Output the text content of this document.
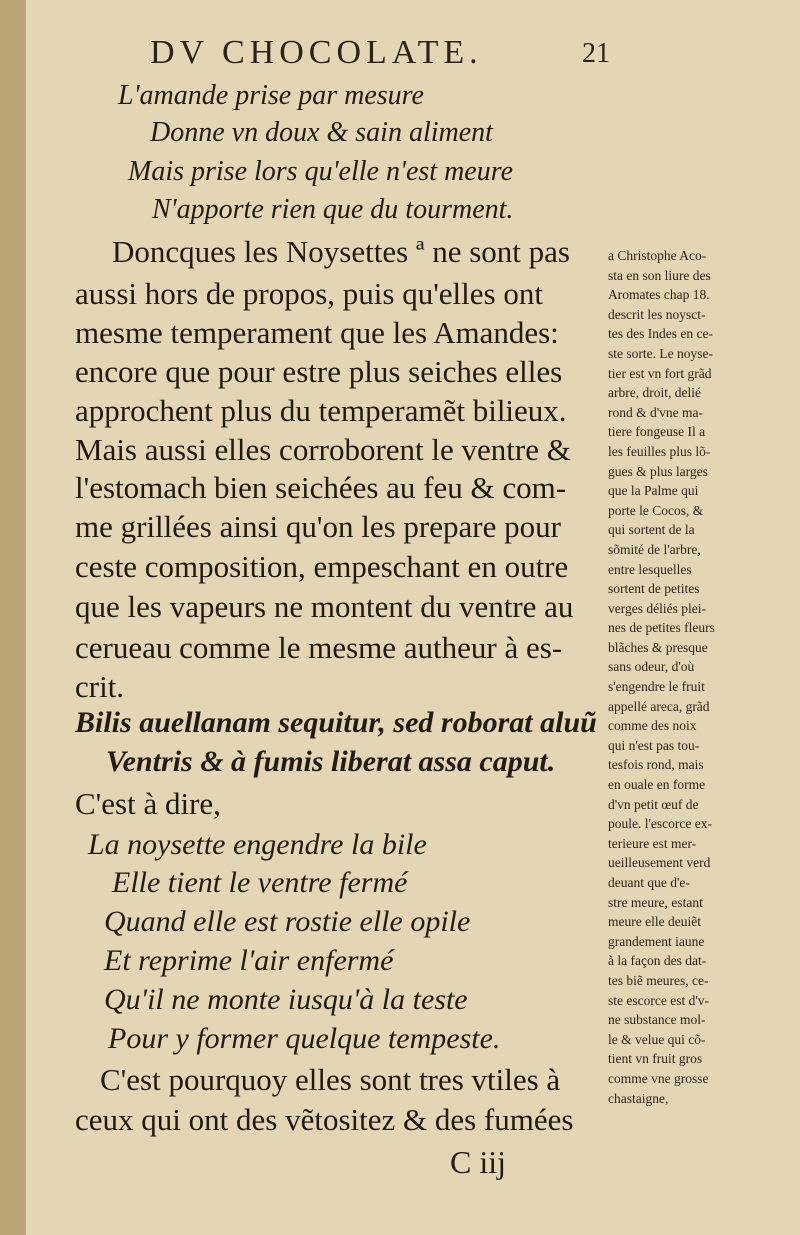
DV CHOCOLATE.	21
L'amande prise par mesure
Donne vn doux & sain aliment
Mais prise lors qu'elle n'est meure
N'apporte rien que du tourment.
Doncques les Noysettes ª ne sont pas
aussi hors de propos, puis qu'elles ont
mesme temperament que les Amandes:
encore que pour estre plus seiches elles
approchent plus du temperamẽt bilieux.
Mais aussi elles corroborent le ventre &
l'estomach bien seichées au feu & com-
me grillées ainsi qu'on les prepare pour
ceste composition, empeschant en outre
que les vapeurs ne montent du ventre au
cerueau comme le mesme autheur à es-
crit.
Bilis auellanam sequitur, sed roborat aluũ
Ventris & à fumis liberat assa caput.
C'est à dire,
La noysette engendre la bile
Elle tient le ventre fermé
Quand elle est rostie elle opile
Et reprime l'air enfermé
Qu'il ne monte iusqu'à la teste
Pour y former quelque tempeste.
C'est pourquoy elles sont tres vtiles à
ceux qui ont des vẽtositez & des fumées
C iij
a Christophe Aco-
sta en son liure des
Aromates chap 18.
descrit les noysct-
tes des Indes en ce-
ste sorte. Le noyse-
tier est vn fort grãd
arbre, droit, delié
rond & d'vne ma-
tiere fongeuse Il a
les feuilles plus lõ-
gues & plus larges
que la Palme qui
porte le Cocos, &
qui sortent de la
sõmité de l'arbre,
entre lesquelles
sortent de petites
verges déliés plei-
nes de petites fleurs
blãches & presque
sans odeur, d'où
s'engendre le fruit
appellé areca, grãd
comme des noix
qui n'est pas tou-
tesfois rond, mais
en ouale en forme
d'vn petit œuf de
poule. l'escorce ex-
terieure est mer-
ueilleusement verd
deuant que d'e-
stre meure, estant
meure elle deuiẽt
grandement iaune
à la façon des dat-
tes biẽ meures, ce-
ste escorce est d'v-
ne substance mol-
le & velue qui cõ-
tient vn fruit gros
comme vne grosse
chastaigne,
